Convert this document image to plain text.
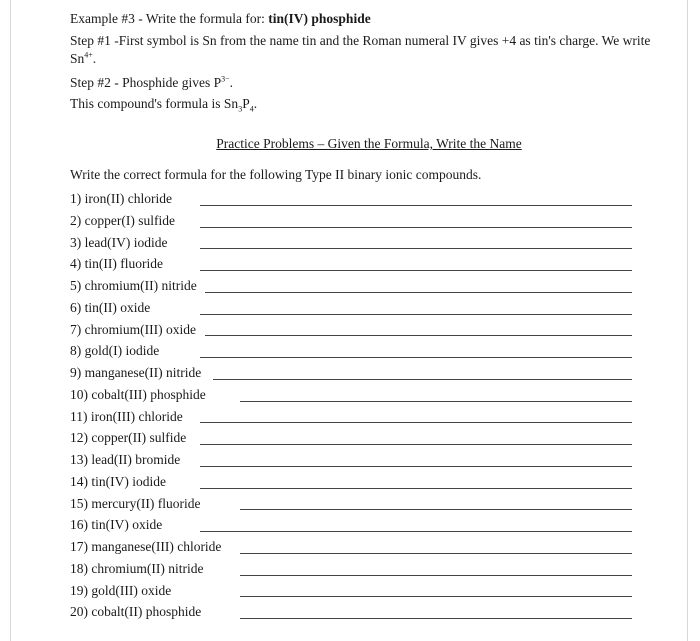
Example #3 - Write the formula for: tin(IV) phosphide

Step #1 -First symbol is Sn from the name tin and the Roman numeral IV gives +4 as tin's charge. We write
$Sn^{4+}$.

Step #2 - Phosphide gives $P^{3-}$.

This compound's formula is $Sn_3P_4$.

Practice Problems – Given the Formula, Write the Name
Write the correct formula for the following Type II binary ionic compounds.
1) iron(II) chloride
2) copper(I) sulfide
3) lead(IV) iodide
4) tin(II) fluoride
5) chromium(II) nitride
6) tin(II) oxide
7) chromium(III) oxide
8) gold(I) iodide
9) manganese(II) nitride
10) cobalt(III) phosphide
11) iron(III) chloride
12) copper(II) sulfide
13) lead(II) bromide
14) tin(IV) iodide
15) mercury(II) fluoride
16) tin(IV) oxide
17) manganese(III) chloride
18) chromium(II) nitride
19) gold(III) oxide
20) cobalt(II) phosphide
